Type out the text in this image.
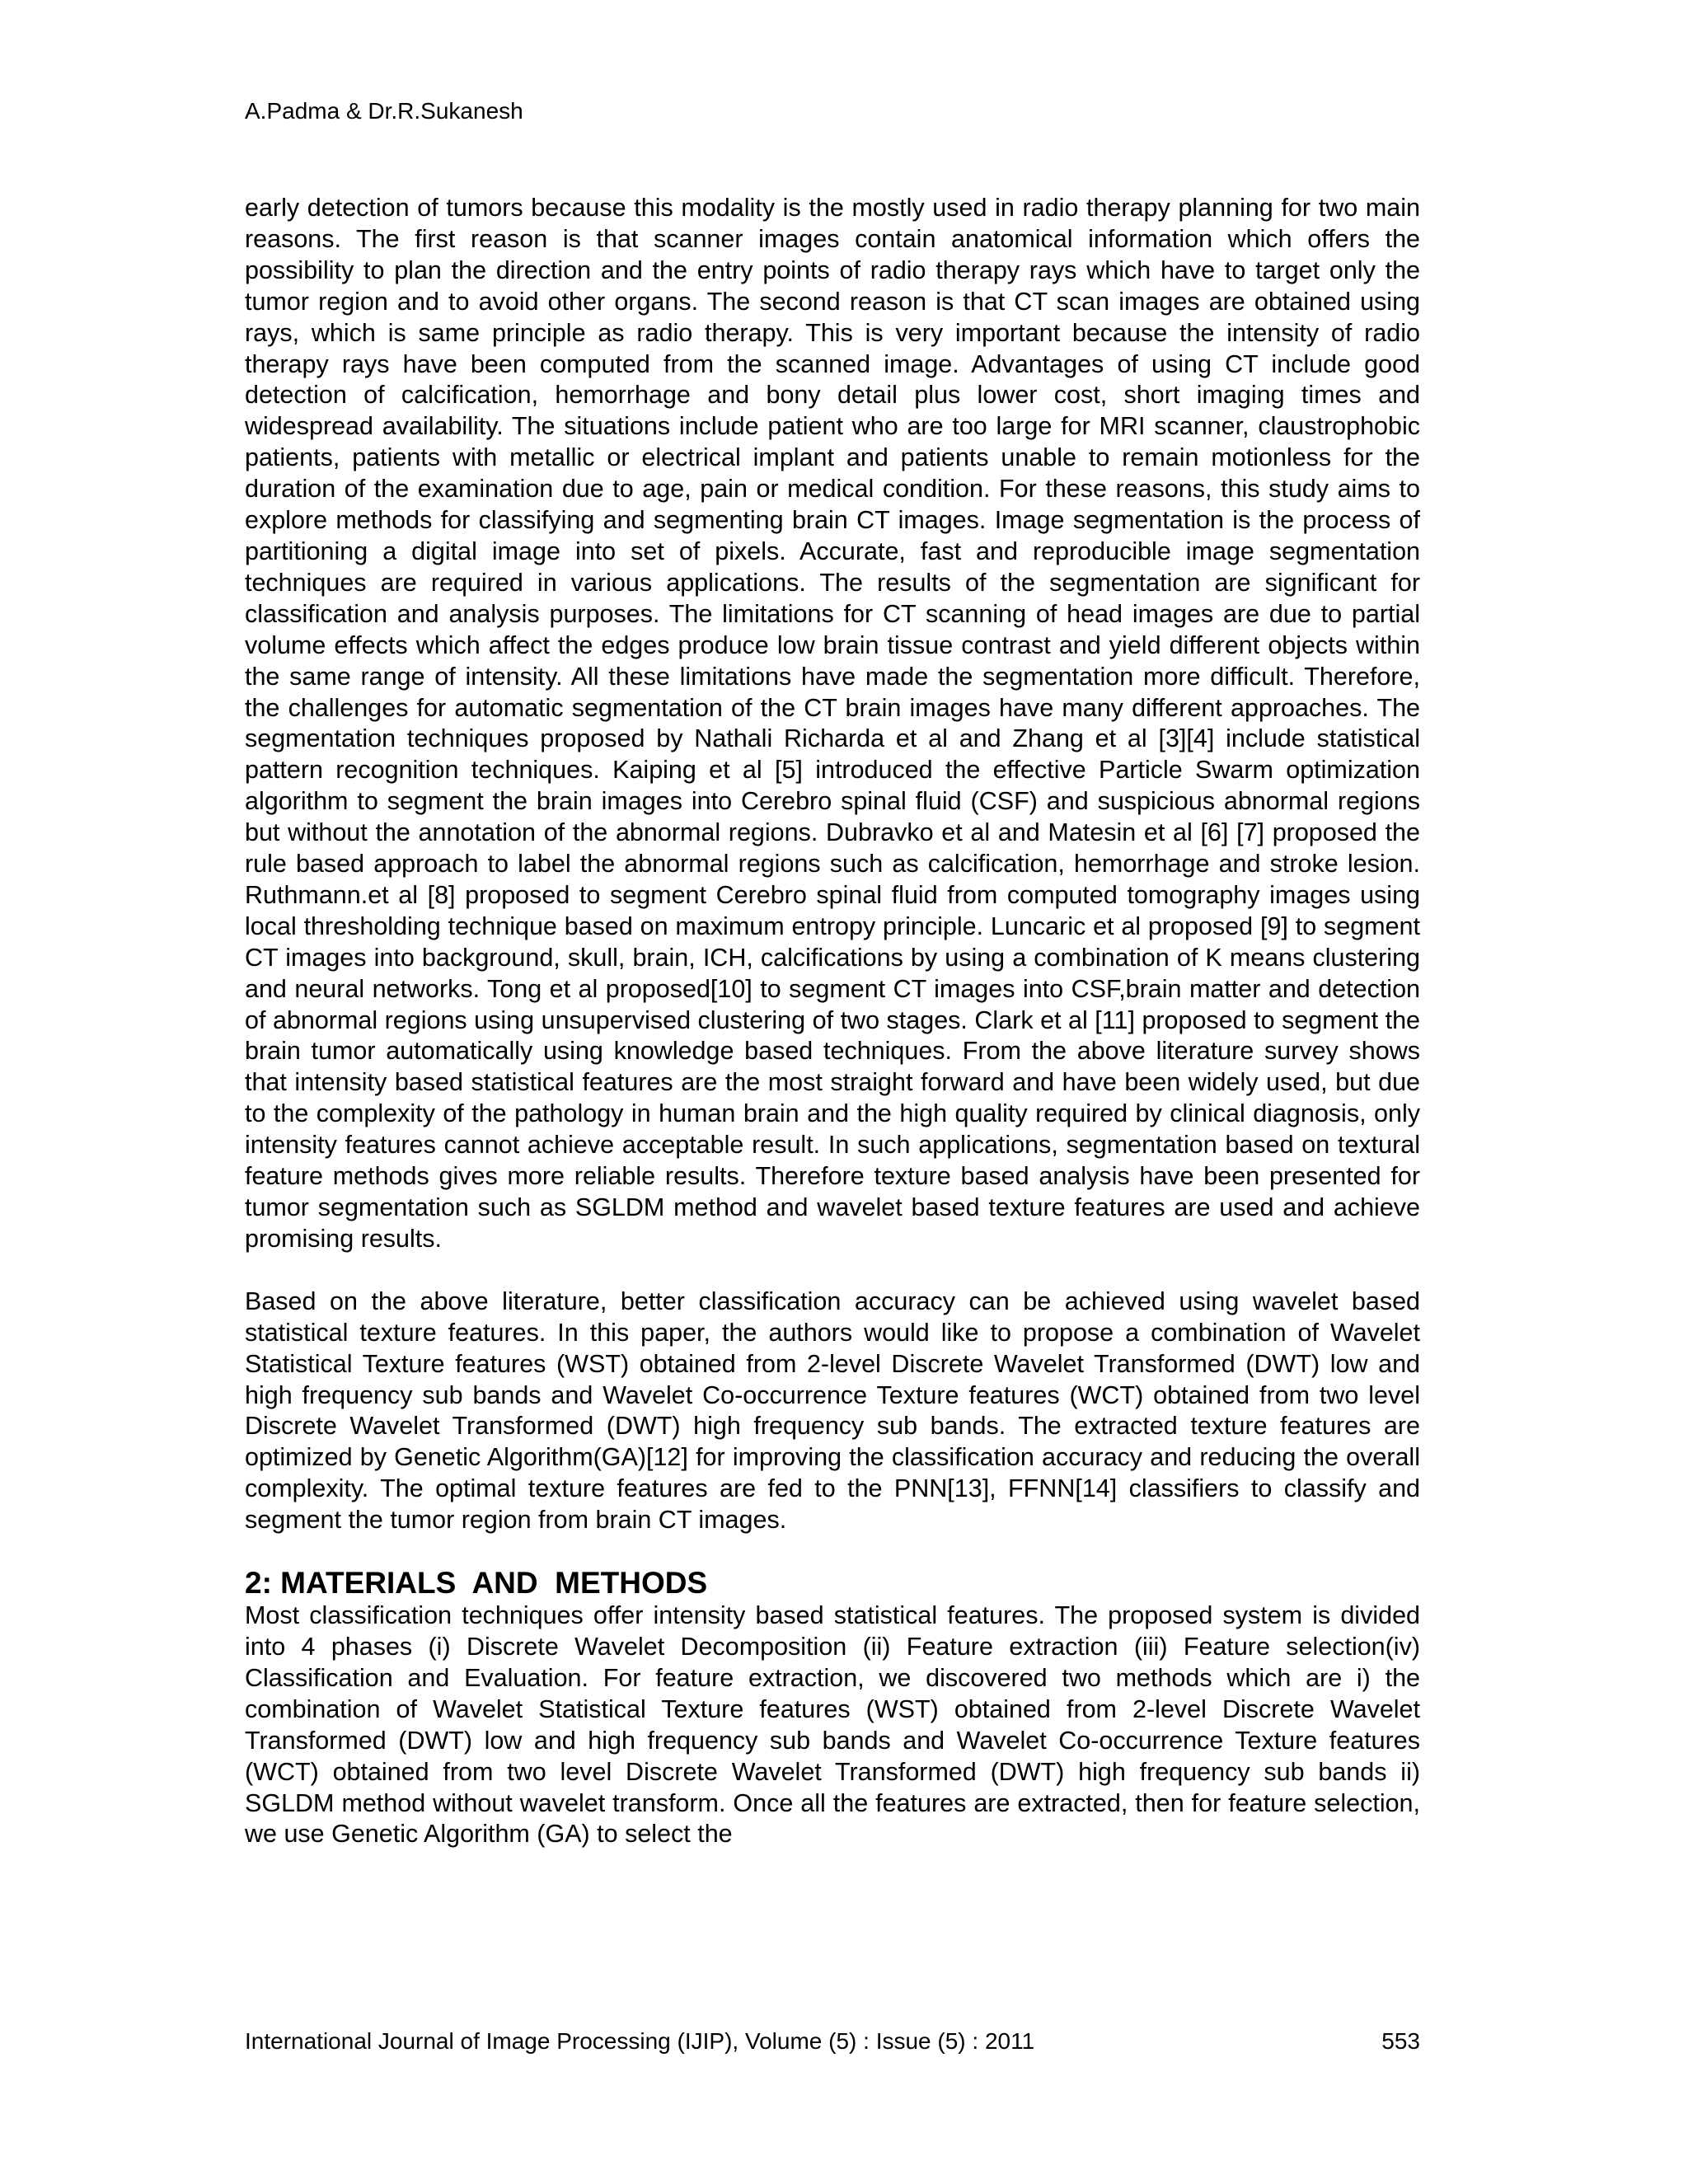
A.Padma & Dr.R.Sukanesh

early detection of tumors because this modality is the mostly used in radio therapy planning for two main reasons. The first reason is that scanner images contain anatomical information which offers the possibility to plan the direction and the entry points of radio therapy rays which have to target only the tumor region and to avoid other organs. The second reason is that CT scan images are obtained using rays, which is same principle as radio therapy. This is very important because the intensity of radio therapy rays have been computed from the scanned image. Advantages of using CT include good detection of calcification, hemorrhage and bony detail plus lower cost, short imaging times and widespread availability. The situations include patient who are too large for MRI scanner, claustrophobic patients, patients with metallic or electrical implant and patients unable to remain motionless for the duration of the examination due to age, pain or medical condition. For these reasons, this study aims to explore methods for classifying and segmenting brain CT images. Image segmentation is the process of partitioning a digital image into set of pixels. Accurate, fast and reproducible image segmentation techniques are required in various applications. The results of the segmentation are significant for classification and analysis purposes. The limitations for CT scanning of head images are due to partial volume effects which affect the edges produce low brain tissue contrast and yield different objects within the same range of intensity. All these limitations have made the segmentation more difficult. Therefore, the challenges for automatic segmentation of the CT brain images have many different approaches. The segmentation techniques proposed by Nathali Richarda et al and Zhang et al [3][4] include statistical pattern recognition techniques. Kaiping et al [5] introduced the effective Particle Swarm optimization algorithm to segment the brain images into Cerebro spinal fluid (CSF) and suspicious abnormal regions but without the annotation of the abnormal regions. Dubravko et al and Matesin et al [6] [7] proposed the rule based approach to label the abnormal regions such as calcification, hemorrhage and stroke lesion. Ruthmann.et al [8] proposed to segment Cerebro spinal fluid from computed tomography images using local thresholding technique based on maximum entropy principle. Luncaric et al proposed [9] to segment CT images into background, skull, brain, ICH, calcifications by using a combination of K means clustering and neural networks. Tong et al proposed[10] to segment CT images into CSF,brain matter and detection of abnormal regions using unsupervised clustering of two stages. Clark et al [11] proposed to segment the brain tumor automatically using knowledge based techniques. From the above literature survey shows that intensity based statistical features are the most straight forward and have been widely used, but due to the complexity of the pathology in human brain and the high quality required by clinical diagnosis, only intensity features cannot achieve acceptable result. In such applications, segmentation based on textural feature methods gives more reliable results. Therefore texture based analysis have been presented for tumor segmentation such as SGLDM method and wavelet based texture features are used and achieve promising results.

Based on the above literature, better classification accuracy can be achieved using wavelet based statistical texture features. In this paper, the authors would like to propose a combination of Wavelet Statistical Texture features (WST) obtained from 2-level Discrete Wavelet Transformed (DWT) low and high frequency sub bands and Wavelet Co-occurrence Texture features (WCT) obtained from two level Discrete Wavelet Transformed (DWT) high frequency sub bands. The extracted texture features are optimized by Genetic Algorithm(GA)[12] for improving the classification accuracy and reducing the overall complexity. The optimal texture features are fed to the PNN[13], FFNN[14] classifiers to classify and segment the tumor region from brain CT images.

2: MATERIALS  AND  METHODS

Most classification techniques offer intensity based statistical features. The proposed system is divided into 4 phases (i) Discrete Wavelet Decomposition (ii) Feature extraction (iii) Feature selection(iv) Classification and Evaluation. For feature extraction, we discovered two methods which are i) the combination of Wavelet Statistical Texture features (WST) obtained from 2-level Discrete Wavelet Transformed (DWT) low and high frequency sub bands and Wavelet Co-occurrence Texture features (WCT) obtained from two level Discrete Wavelet Transformed (DWT) high frequency sub bands ii) SGLDM method without wavelet transform. Once all the features are extracted, then for feature selection, we use Genetic Algorithm (GA) to select the

International Journal of Image Processing (IJIP), Volume (5) : Issue (5) : 2011	553
